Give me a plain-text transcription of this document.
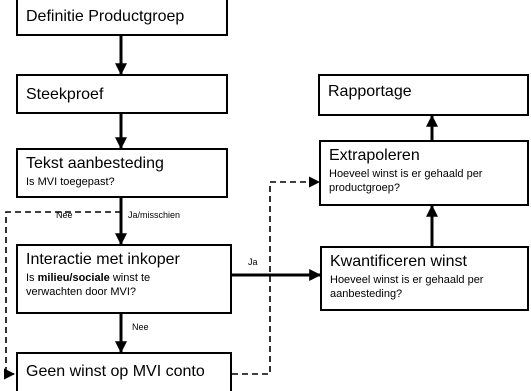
Definitie Productgroep
Steekproef
Tekst aanbesteding
Is MVI toegepast?
Interactie met inkoper
Is milieu/sociale winst te verwachten door MVI?
Geen winst op MVI conto
Rapportage
Extrapoleren
Hoeveel winst is er gehaald per productgroep?
Kwantificeren winst
Hoeveel winst is er gehaald per aanbesteding?
Nee	Ja/misschien
Ja
Nee
